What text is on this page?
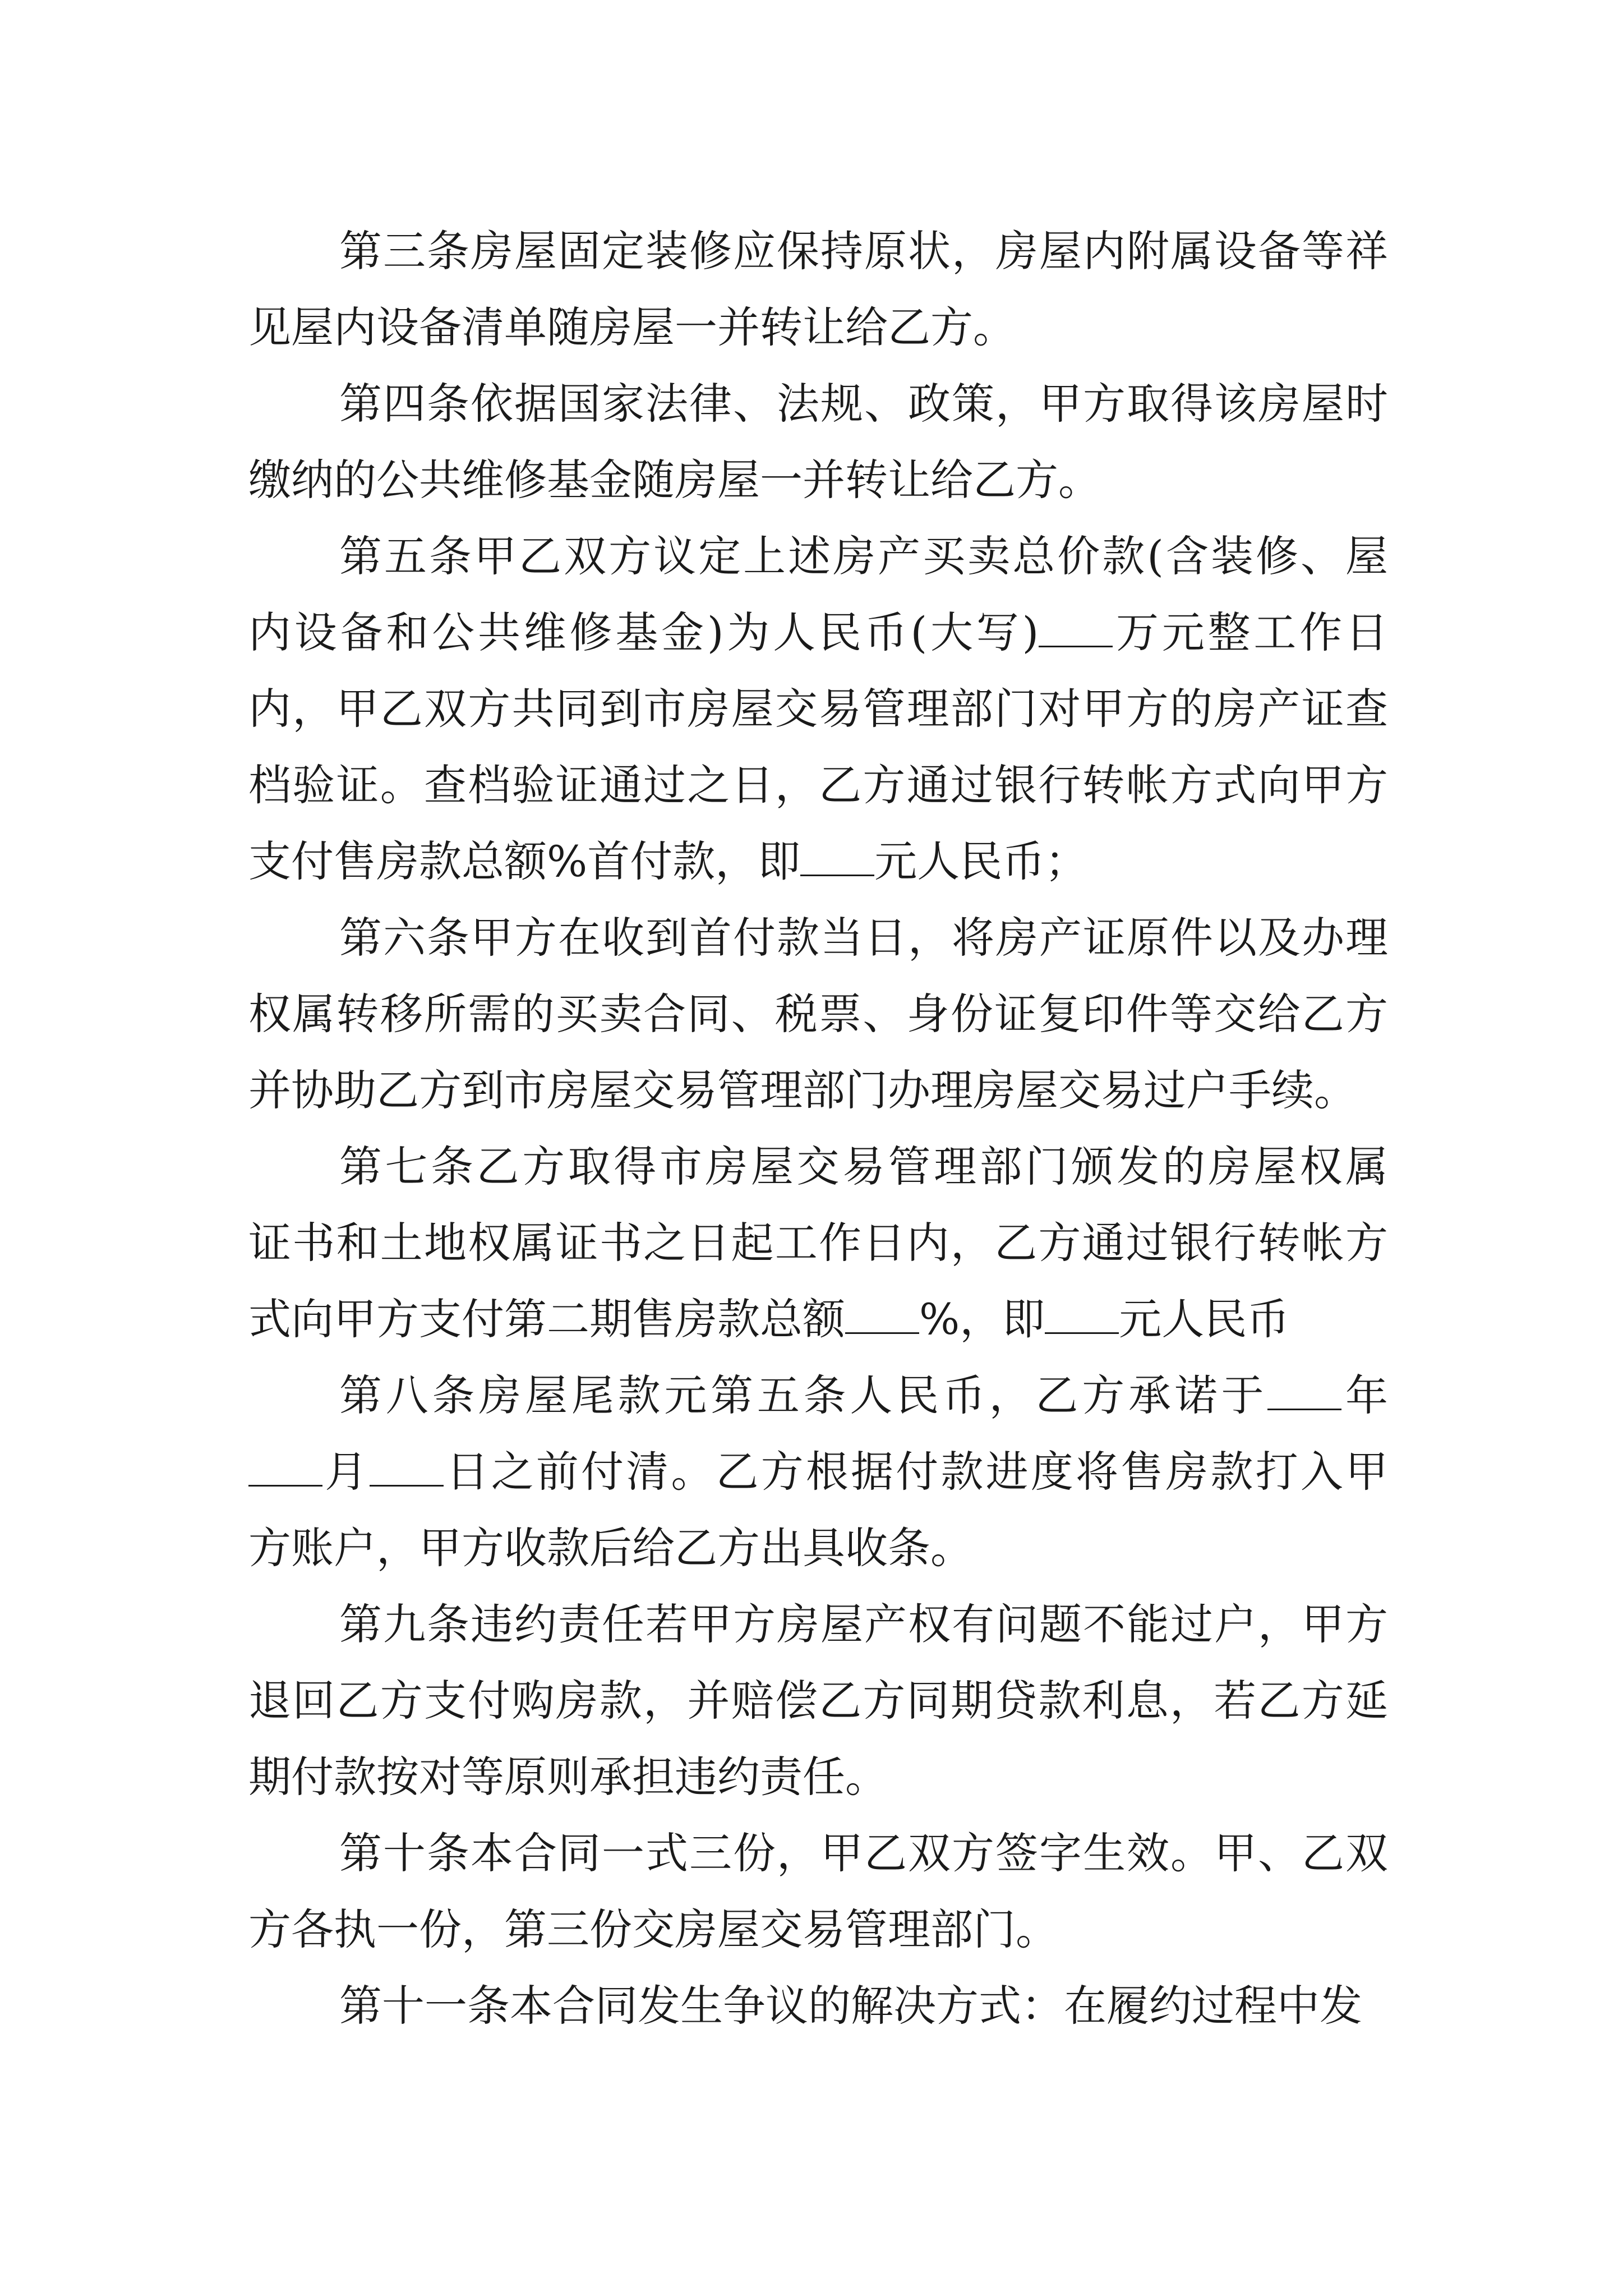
第三条房屋固定装修应保持原状，房屋内附属设备等祥
见屋内设备清单随房屋一并转让给乙方。
第四条依据国家法律、法规、政策，甲方取得该房屋时
缴纳的公共维修基金随房屋一并转让给乙方。
第五条甲乙双方议定上述房产买卖总价款(含装修、屋
内设备和公共维修基金)为人民币(大写) 万元整工作日
内，甲乙双方共同到市房屋交易管理部门对甲方的房产证查
档验证。查档验证通过之日，乙方通过银行转帐方式向甲方
支付售房款总额%首付款，即 元人民币；
第六条甲方在收到首付款当日，将房产证原件以及办理
权属转移所需的买卖合同、税票、身份证复印件等交给乙方
并协助乙方到市房屋交易管理部门办理房屋交易过户手续。
第七条乙方取得市房屋交易管理部门颁发的房屋权属
证书和土地权属证书之日起工作日内，乙方通过银行转帐方
式向甲方支付第二期售房款总额 %，即 元人民币
第八条房屋尾款元第五条人民币，乙方承诺于 年
月 日之前付清。乙方根据付款进度将售房款打入甲
方账户，甲方收款后给乙方出具收条。
第九条违约责任若甲方房屋产权有问题不能过户，甲方
退回乙方支付购房款，并赔偿乙方同期贷款利息，若乙方延
期付款按对等原则承担违约责任。
第十条本合同一式三份，甲乙双方签字生效。甲、乙双
方各执一份，第三份交房屋交易管理部门。
第十一条本合同发生争议的解决方式：在履约过程中发
